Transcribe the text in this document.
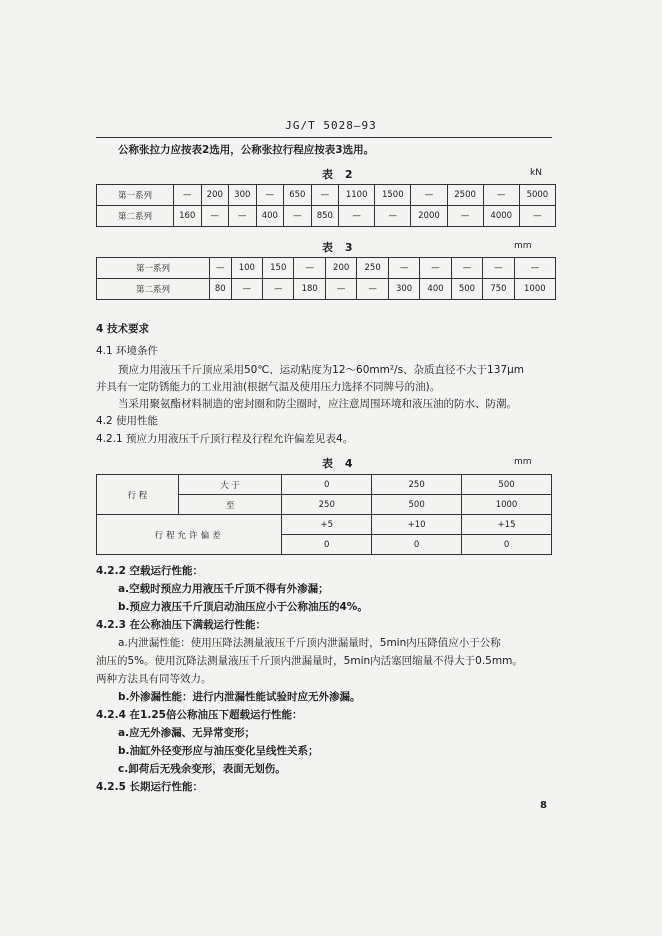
JG/T 5028—93
公称张拉力应按表2选用，公称张拉行程应按表3选用。
表 2	kN
第一系列	—	200	300	—	650	—	1100	1500	—	2500	—	5000
第二系列	160	—	—	400	—	850	—	—	2000	—	4000	—
表 3	mm
第一系列	—	100	150	—	200	250	—	—	—	—	—
第二系列	80	—	—	180	—	—	300	400	500	750	1000
4 技术要求
4.1 环境条件
预应力用液压千斤顶应采用50℃、运动粘度为12～60mm²/s、杂质直径不大于137μm
并具有一定防锈能力的工业用油(根据气温及使用压力选择不同牌号的油)。
当采用聚氨酯材料制造的密封圈和防尘圈时，应注意周围环境和液压油的防水、防潮。
4.2 使用性能
4.2.1 预应力用液压千斤顶行程及行程允许偏差见表4。
表 4	mm
行 程	大 于	0	250	500
	至	250	500	1000
行程允许偏差		+5	+10	+15
		0	0	0
4.2.2 空载运行性能：
a.空载时预应力用液压千斤顶不得有外渗漏；
b.预应力液压千斤顶启动油压应小于公称油压的4%。
4.2.3 在公称油压下满载运行性能：
a.内泄漏性能：使用压降法测量液压千斤顶内泄漏量时，5min内压降值应小于公称
油压的5%。使用沉降法测量液压千斤顶内泄漏量时，5min内活塞回缩量不得大于0.5mm。
两种方法具有同等效力。
b.外渗漏性能：进行内泄漏性能试验时应无外渗漏。
4.2.4 在1.25倍公称油压下超载运行性能：
a.应无外渗漏、无异常变形；
b.油缸外径变形应与油压变化呈线性关系；
c.卸荷后无残余变形，表面无划伤。
4.2.5 长期运行性能：
8
